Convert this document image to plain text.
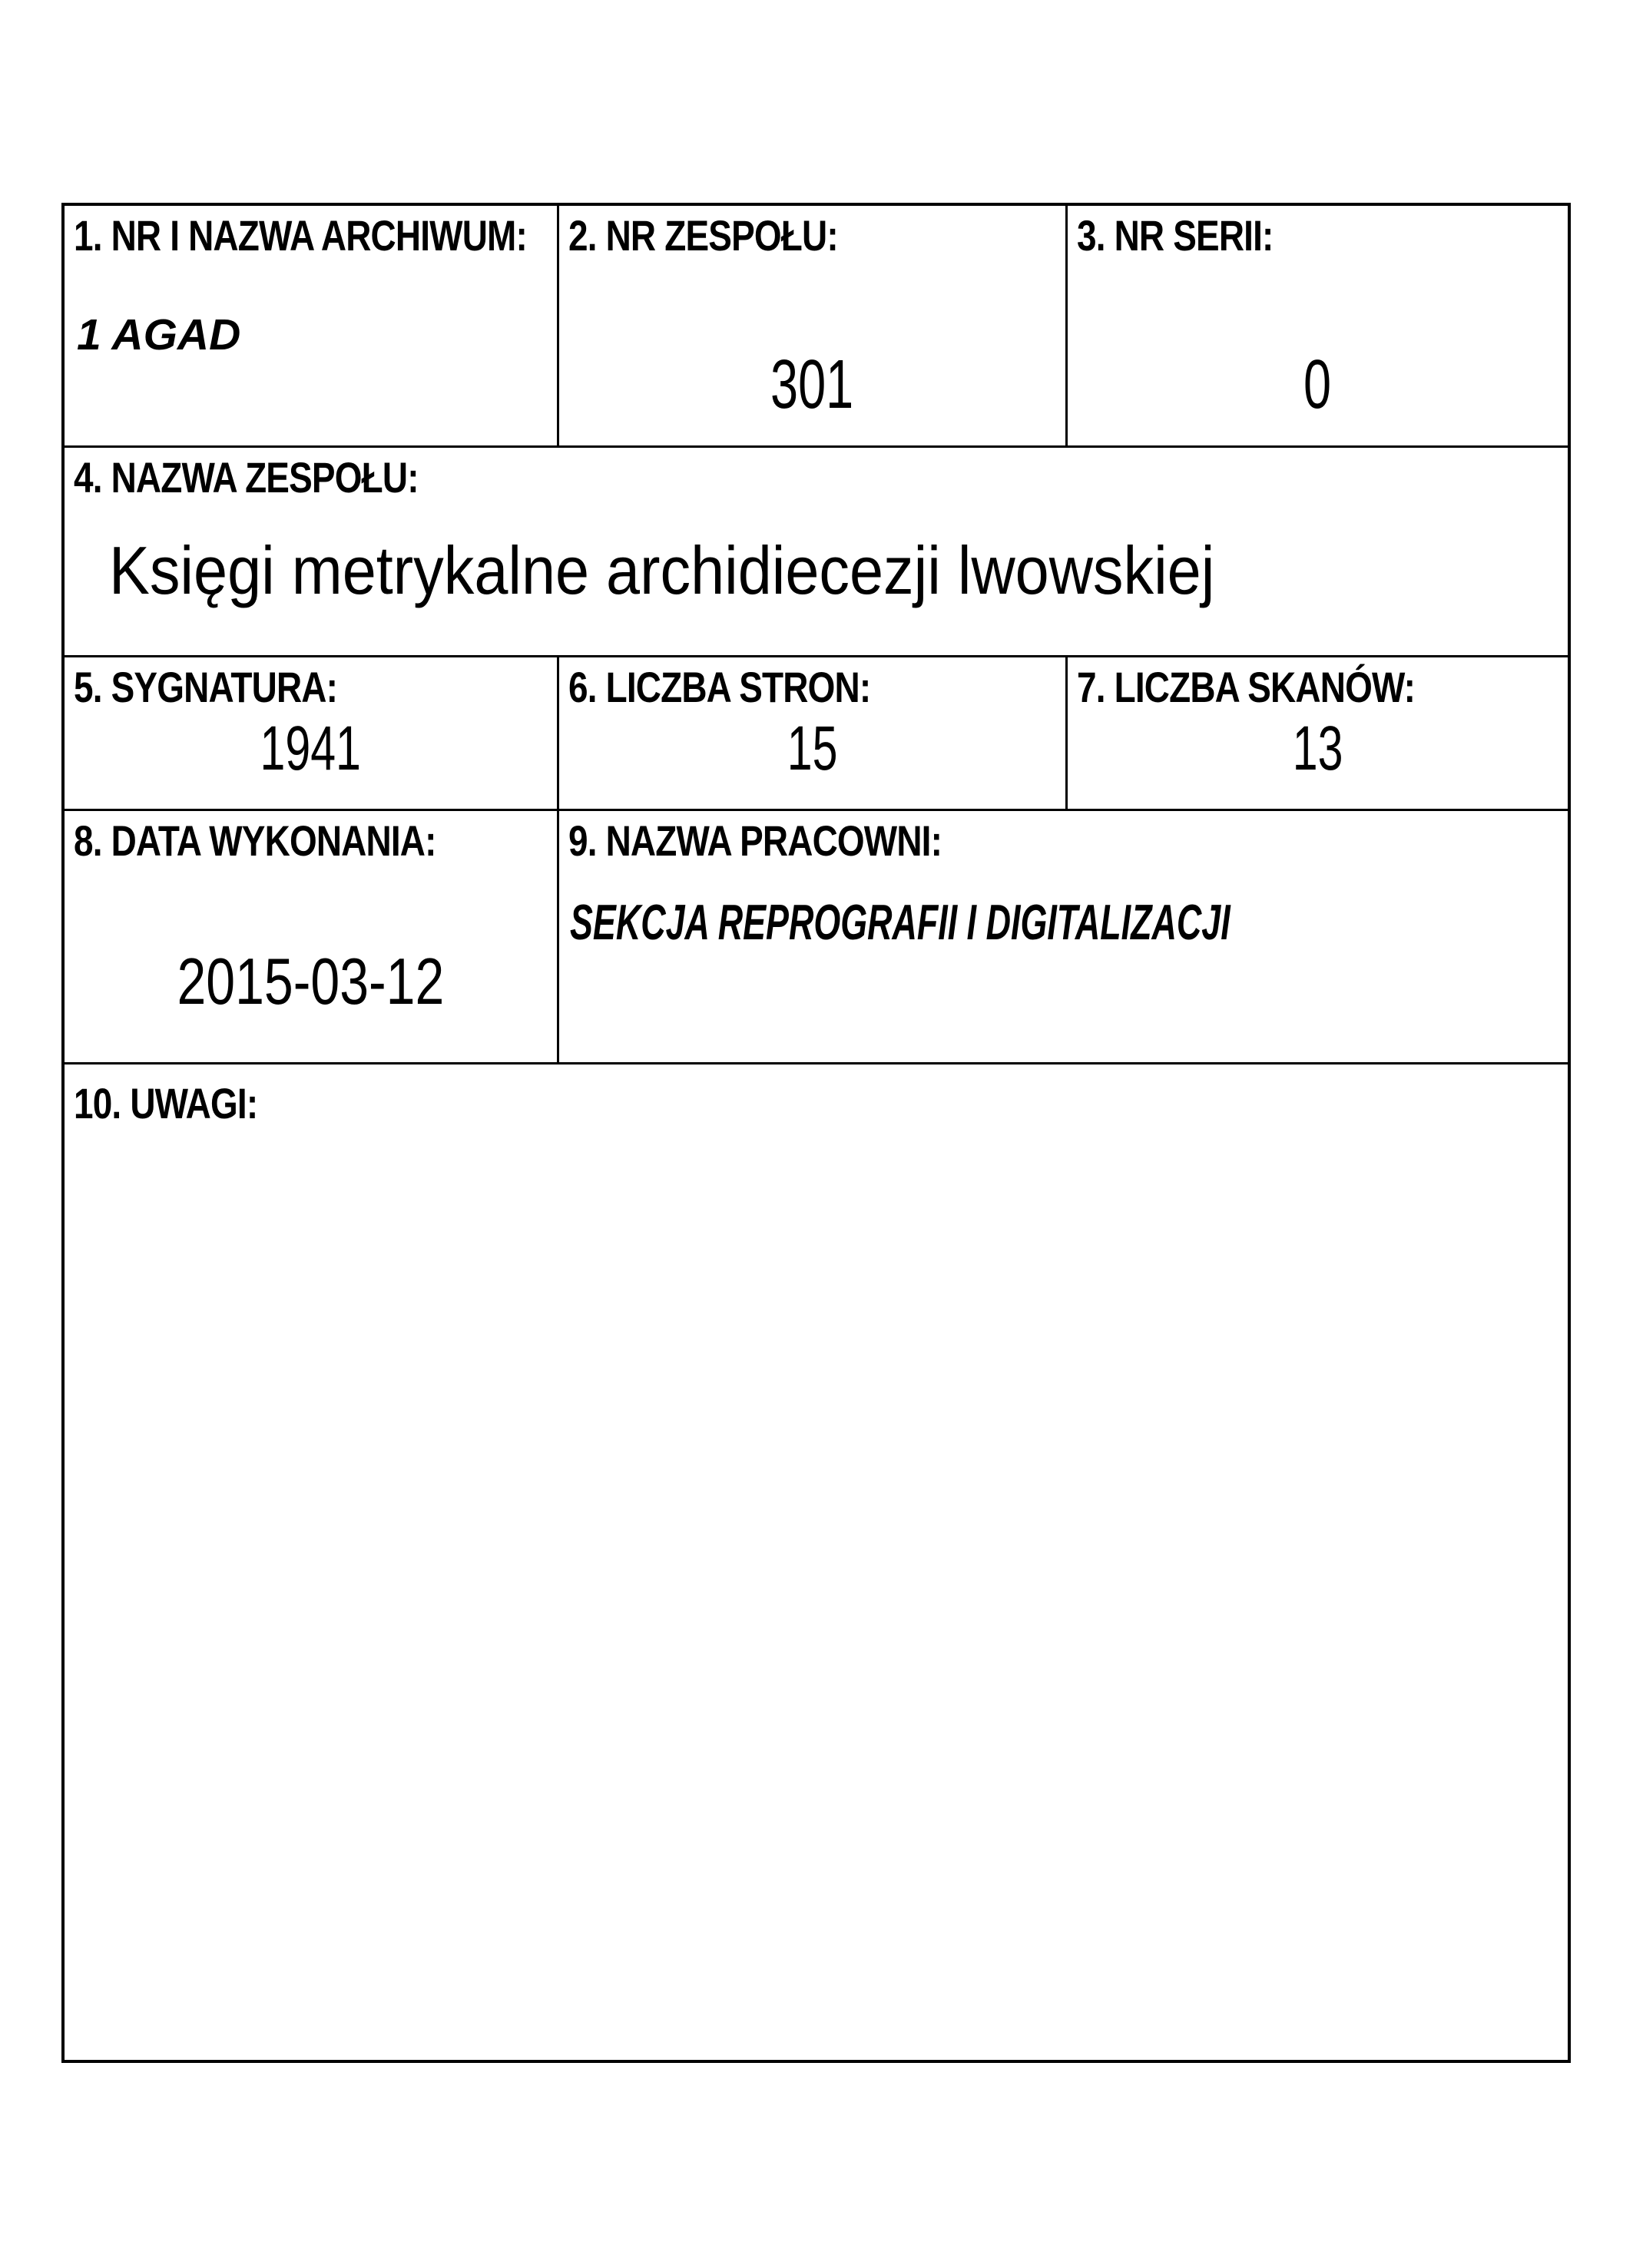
1. NR I NAZWA ARCHIWUM:
1 AGAD
2. NR ZESPOŁU:
301
3. NR SERII:
0
4. NAZWA ZESPOŁU:
Księgi metrykalne archidiecezji lwowskiej
5. SYGNATURA:
1941
6. LICZBA STRON:
15
7. LICZBA SKANÓW:
13
8. DATA WYKONANIA:
2015-03-12
9. NAZWA PRACOWNI:
SEKCJA REPROGRAFII I DIGITALIZACJI
10. UWAGI:
